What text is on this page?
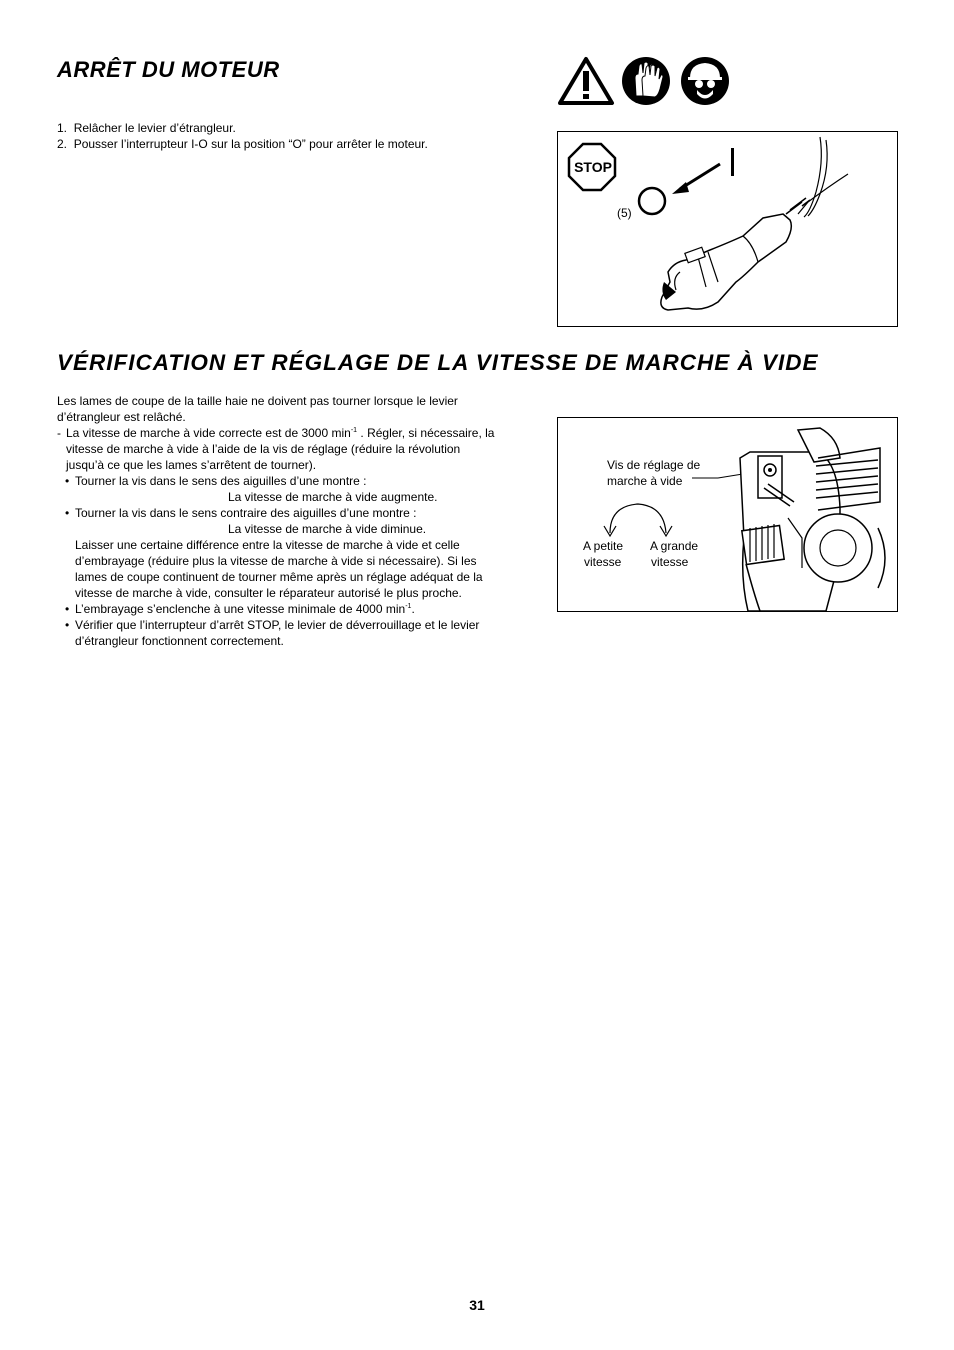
ARRÊT DU MOTEUR
1. Relâcher le levier d’étrangleur.
2. Pousser l’interrupteur I-O sur la position “O” pour arrêter le moteur.
STOP
(5)
VÉRIFICATION ET RÉGLAGE DE LA VITESSE DE MARCHE À VIDE
Les lames de coupe de la taille haie ne doivent pas tourner lorsque le levier
d’étrangleur est relâché.
- La vitesse de marche à vide correcte est de 3000 $\min^{-1}$ . Régler, si nécessaire, la
vitesse de marche à vide à l’aide de la vis de réglage (réduire la révolution
jusqu’à ce que les lames s’arrêtent de tourner).
• Tourner la vis dans le sens des aiguilles d’une montre :
La vitesse de marche à vide augmente.
• Tourner la vis dans le sens contraire des aiguilles d’une montre :
La vitesse de marche à vide diminue.
Laisser une certaine différence entre la vitesse de marche à vide et celle
d’embrayage (réduire plus la vitesse de marche à vide si nécessaire). Si les
lames de coupe continuent de tourner même après un réglage adéquat de la
vitesse de marche à vide, consulter le réparateur autorisé le plus proche.
• L’embrayage s’enclenche à une vitesse minimale de 4000 $\min^{-1}$.
• Vérifier que l’interrupteur d’arrêt STOP, le levier de déverrouillage et le levier
d’étrangleur fonctionnent correctement.
Vis de réglage de
marche à vide
A petite
vitesse
A grande
vitesse
31
